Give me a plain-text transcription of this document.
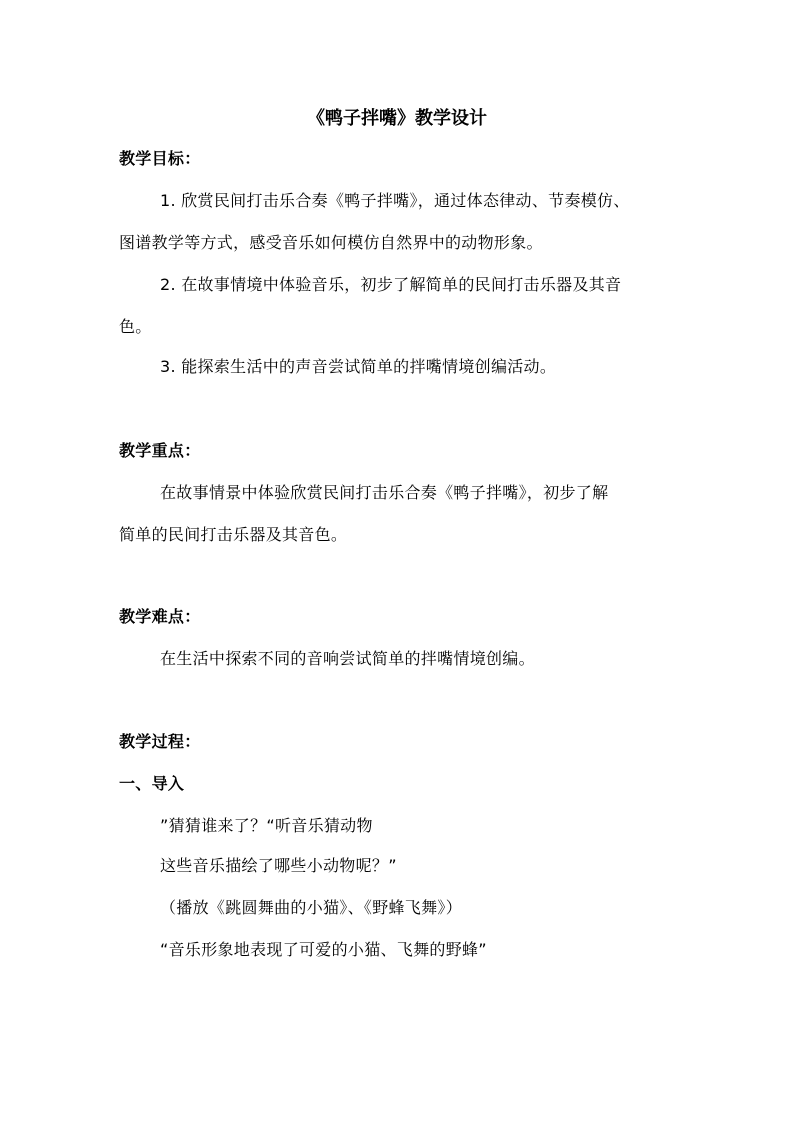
《鸭子拌嘴》教学设计
教学目标：
1. 欣赏民间打击乐合奏《鸭子拌嘴》，通过体态律动、节奏模仿、
图谱教学等方式，感受音乐如何模仿自然界中的动物形象。
2. 在故事情境中体验音乐，初步了解简单的民间打击乐器及其音
色。
3. 能探索生活中的声音尝试简单的拌嘴情境创编活动。
教学重点：
在故事情景中体验欣赏民间打击乐合奏《鸭子拌嘴》，初步了解
简单的民间打击乐器及其音色。
教学难点：
在生活中探索不同的音响尝试简单的拌嘴情境创编。
教学过程：
一、导入
”猜猜谁来了？“听音乐猜动物
这些音乐描绘了哪些小动物呢？”
（播放《跳圆舞曲的小猫》、《野蜂飞舞》）
“音乐形象地表现了可爱的小猫、飞舞的野蜂”
